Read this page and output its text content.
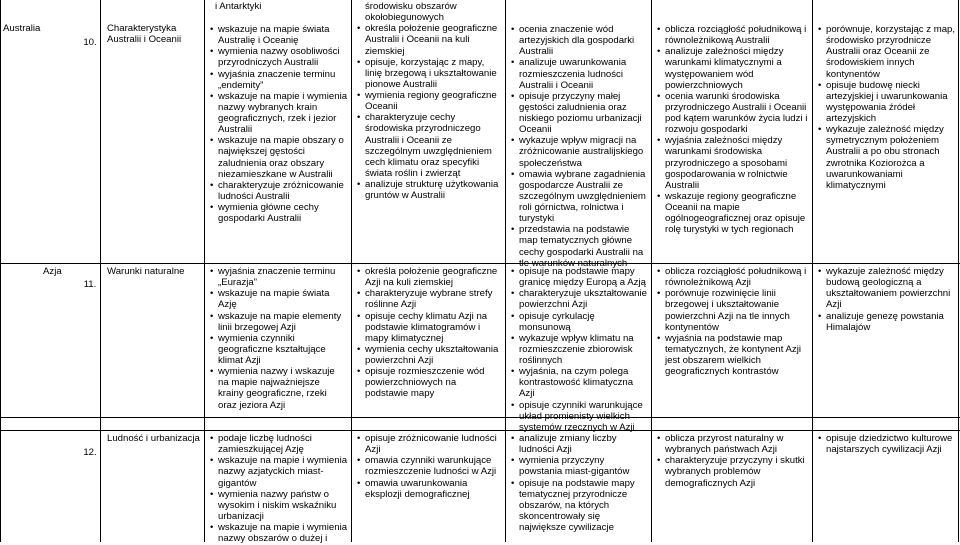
Australia
10.
Charakterystyka Australii i Oceanii
i Antarktyki
• wskazuje na mapie świata Australię i Oceanię
• wymienia nazwy osobliwości przyrodniczych Australii
• wyjaśnia znaczenie terminu „endemity”
• wskazuje na mapie i wymienia nazwy wybranych krain geograficznych, rzek i jezior Australii
• wskazuje na mapie obszary o największej gęstości zaludnienia oraz obszary niezamieszkane w Australii
• charakteryzuje zróżnicowanie ludności Australii
• wymienia główne cechy gospodarki Australii
środowisku obszarów
okołobiegunowych
• określa położenie geograficzne Australii i Oceanii na kuli ziemskiej
• opisuje, korzystając z mapy, linię brzegową i ukształtowanie pionowe Australii
• wymienia regiony geograficzne Oceanii
• charakteryzuje cechy środowiska przyrodniczego Australii i Oceanii ze szczególnym uwzględnieniem cech klimatu oraz specyfiki świata roślin i zwierząt
• analizuje strukturę użytkowania gruntów w Australii
• ocenia znaczenie wód artezyjskich dla gospodarki Australii
• analizuje uwarunkowania rozmieszczenia ludności Australii i Oceanii
• opisuje przyczyny małej gęstości zaludnienia oraz niskiego poziomu urbanizacji Oceanii
• wykazuje wpływ migracji na zróżnicowanie australijskiego społeczeństwa
• omawia wybrane zagadnienia gospodarcze Australii ze szczególnym uwzględnieniem roli górnictwa, rolnictwa i turystyki
• przedstawia na podstawie map tematycznych główne cechy gospodarki Australii na tle warunków naturalnych
• oblicza rozciągłość południkową i równoleżnikową Australii
• analizuje zależności między warunkami klimatycznymi a występowaniem wód powierzchniowych
• ocenia warunki środowiska przyrodniczego Australii i Oceanii pod kątem warunków życia ludzi i rozwoju gospodarki
• wyjaśnia zależności między warunkami środowiska przyrodniczego a sposobami gospodarowania w rolnictwie Australii
• wskazuje regiony geograficzne Oceanii na mapie ogólnogeograficznej oraz opisuje rolę turystyki w tych regionach
• porównuje, korzystając z map, środowisko przyrodnicze Australii oraz Oceanii ze środowiskiem innych kontynentów
• opisuje budowę niecki artezyjskiej i uwarunkowania występowania źródeł artezyjskich
• wykazuje zależność między symetrycznym położeniem Australii a po obu stronach zwrotnika Koziorożca a uwarunkowaniami klimatycznymi
Azja
11.
Warunki naturalne	• wyjaśnia znaczenie terminu „Eurazja”
• wskazuje na mapie świata Azję
• wskazuje na mapie elementy linii brzegowej Azji
• wymienia czynniki geograficzne kształtujące klimat Azji
• wymienia nazwy i wskazuje na mapie najważniejsze krainy geograficzne, rzeki oraz jeziora Azji
• określa położenie geograficzne Azji na kuli ziemskiej
• charakteryzuje wybrane strefy roślinne Azji
• opisuje cechy klimatu Azji na podstawie klimatogramów i mapy klimatycznej
• wymienia cechy ukształtowania powierzchni Azji
• opisuje rozmieszczenie wód powierzchniowych na podstawie mapy
• opisuje na podstawie mapy granicę między Europą a Azją
• charakteryzuje ukształtowanie powierzchni Azji
• opisuje cyrkulację monsunową
• wykazuje wpływ klimatu na rozmieszczenie zbiorowisk roślinnych
• wyjaśnia, na czym polega kontrastowość klimatyczna Azji
• opisuje czynniki warunkujące układ promienisty wielkich systemów rzecznych w Azji
• oblicza rozciągłość południkową i równoleżnikową Azji
• porównuje rozwinięcie linii brzegowej i ukształtowanie powierzchni Azji na tle innych kontynentów
• wyjaśnia na podstawie map tematycznych, że kontynent Azji jest obszarem wielkich geograficznych kontrastów
• wykazuje zależność między budową geologiczną a ukształtowaniem powierzchni Azji
• analizuje genezę powstania Himalajów
12.
Ludność i urbanizacja	• podaje liczbę ludności zamieszkującej Azję
• wskazuje na mapie i wymienia nazwy azjatyckich miast-gigantów
• wymienia nazwy państw o wysokim i niskim wskaźniku urbanizacji
• wskazuje na mapie i wymienia nazwy obszarów o dużej i
• opisuje zróżnicowanie ludności Azji
• omawia czynniki warunkujące rozmieszczenie ludności w Azji
• omawia uwarunkowania eksplozji demograficznej
• analizuje zmiany liczby ludności Azji
• wymienia przyczyny powstania miast-gigantów
• opisuje na podstawie mapy tematycznej przyrodnicze obszarów, na których skoncentrowały się największe cywilizacje
• oblicza przyrost naturalny w wybranych państwach Azji
• charakteryzuje przyczyny i skutki wybranych problemów demograficznych Azji
• opisuje dziedzictwo kulturowe najstarszych cywilizacji Azji
